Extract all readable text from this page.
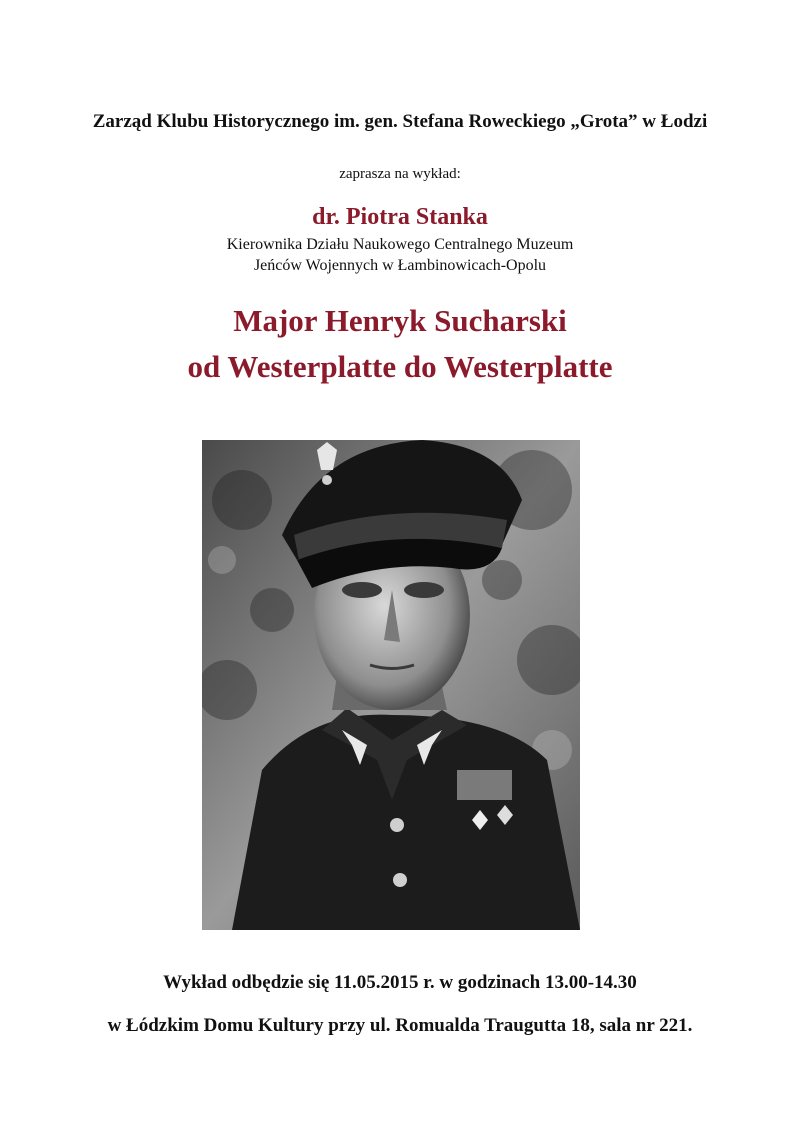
Zarząd Klubu Historycznego im. gen. Stefana Roweckiego „Grota” w Łodzi
zaprasza na wykład:
dr. Piotra Stanka
Kierownika Działu Naukowego Centralnego Muzeum
Jeńców Wojennych w Łambinowicach-Opolu
Major Henryk Sucharski
od Westerplatte do Westerplatte
Wykład odbędzie się 11.05.2015 r. w godzinach 13.00-14.30
w Łódzkim Domu Kultury przy ul. Romualda Traugutta 18, sala nr 221.
